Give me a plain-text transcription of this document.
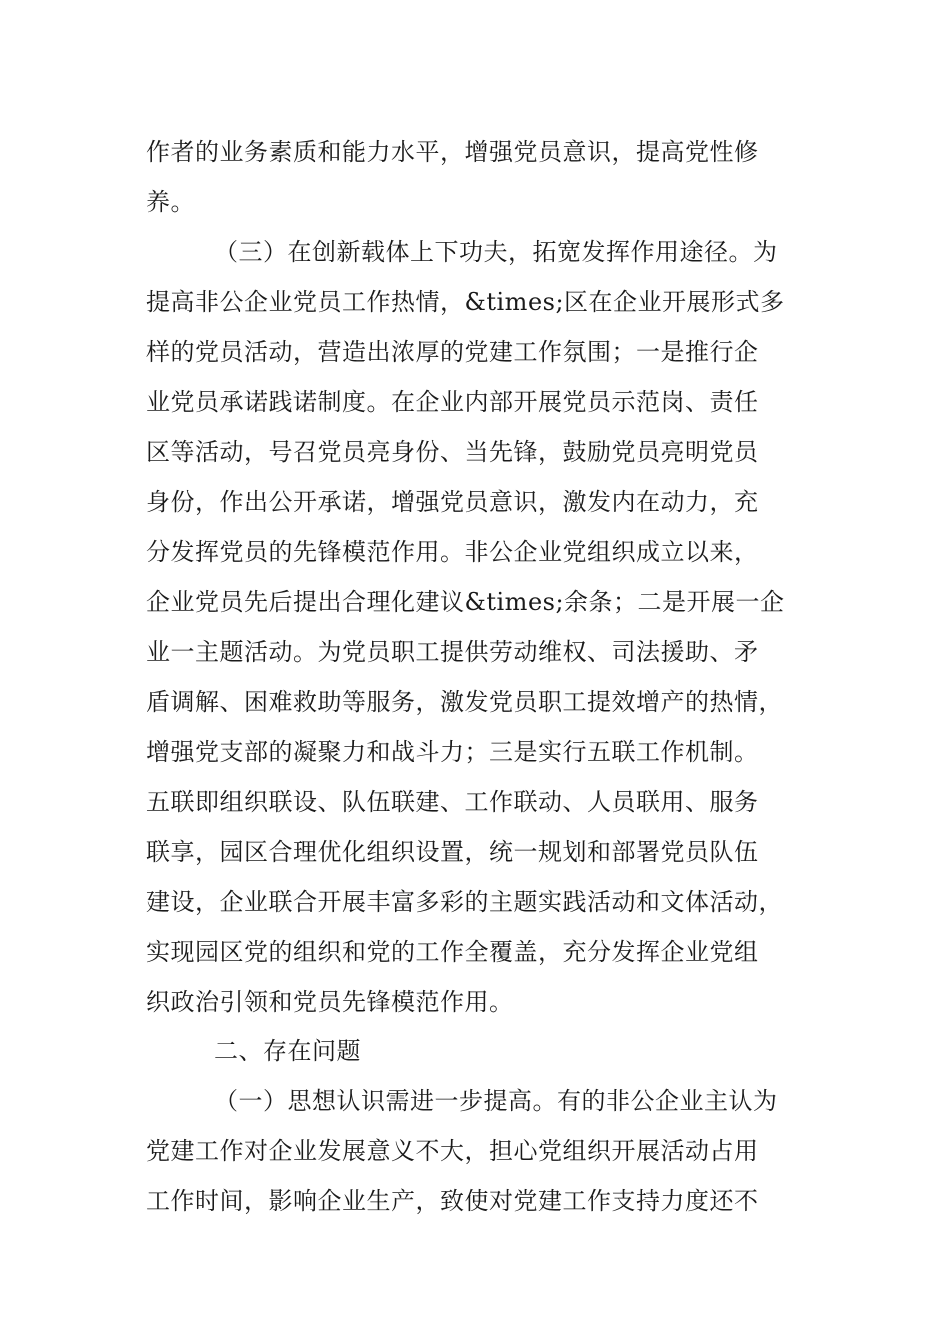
作者的业务素质和能力水平，增强党员意识，提高党性修
养。
（三）在创新载体上下功夫，拓宽发挥作用途径。为
提高非公企业党员工作热情，&times;区在企业开展形式多
样的党员活动，营造出浓厚的党建工作氛围；一是推行企
业党员承诺践诺制度。在企业内部开展党员示范岗、责任
区等活动，号召党员亮身份、当先锋，鼓励党员亮明党员
身份，作出公开承诺，增强党员意识，激发内在动力，充
分发挥党员的先锋模范作用。非公企业党组织成立以来，
企业党员先后提出合理化建议&times;余条；二是开展一企
业一主题活动。为党员职工提供劳动维权、司法援助、矛
盾调解、困难救助等服务，激发党员职工提效增产的热情，
增强党支部的凝聚力和战斗力；三是实行五联工作机制。
五联即组织联设、队伍联建、工作联动、人员联用、服务
联享，园区合理优化组织设置，统一规划和部署党员队伍
建设，企业联合开展丰富多彩的主题实践活动和文体活动，
实现园区党的组织和党的工作全覆盖，充分发挥企业党组
织政治引领和党员先锋模范作用。
二、存在问题
（一）思想认识需进一步提高。有的非公企业主认为
党建工作对企业发展意义不大，担心党组织开展活动占用
工作时间，影响企业生产，致使对党建工作支持力度还不
